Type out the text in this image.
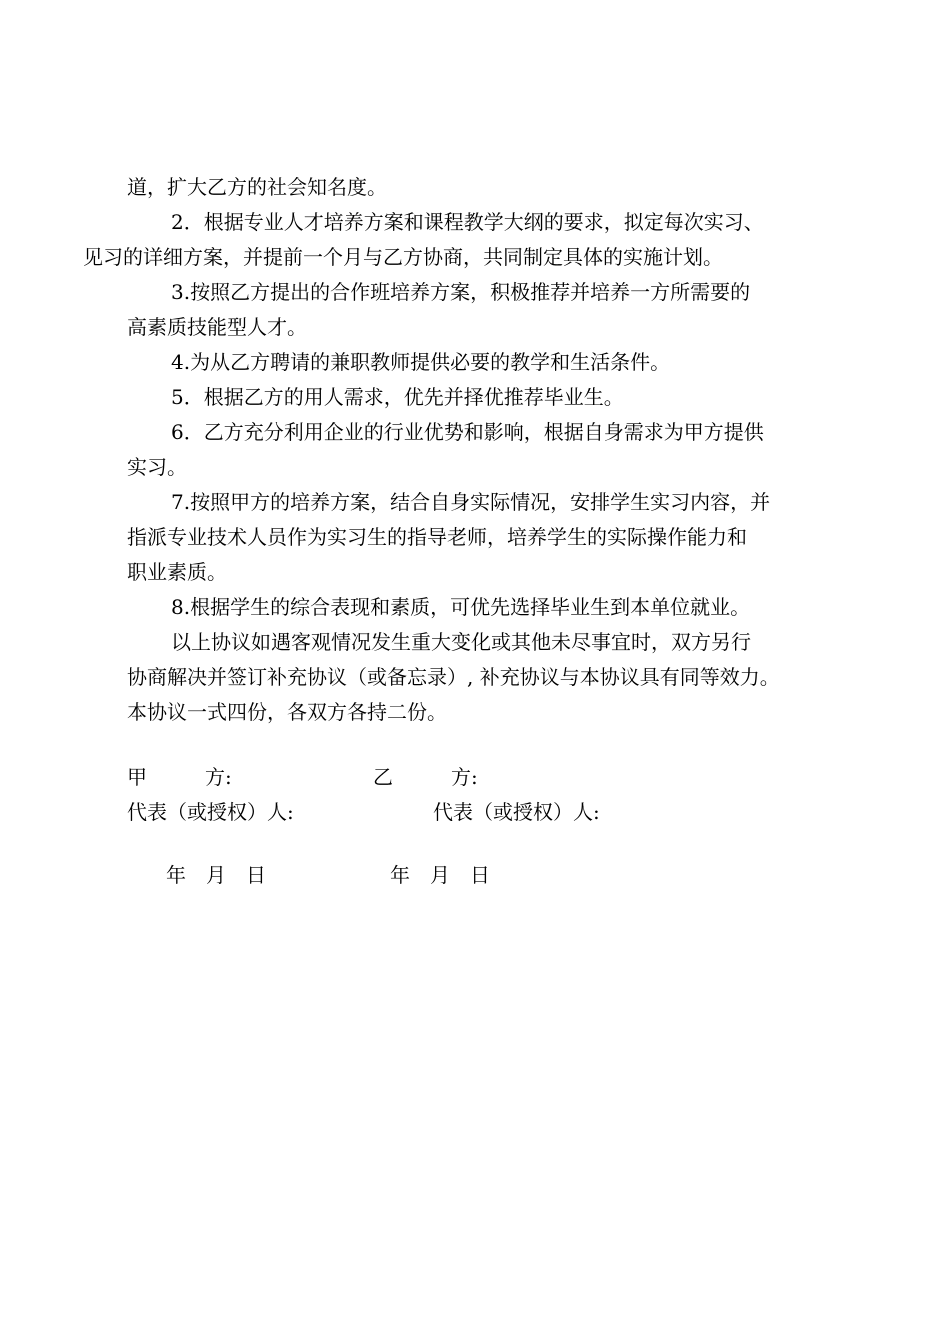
道，扩大乙方的社会知名度。

2．根据专业人才培养方案和课程教学大纲的要求，拟定每次实习、
见习的详细方案，并提前一个月与乙方协商，共同制定具体的实施计划。

3.按照乙方提出的合作班培养方案，积极推荐并培养一方所需要的
高素质技能型人才。

4.为从乙方聘请的兼职教师提供必要的教学和生活条件。

5．根据乙方的用人需求，优先并择优推荐毕业生。

6．乙方充分利用企业的行业优势和影响，根据自身需求为甲方提供
实习。

7.按照甲方的培养方案，结合自身实际情况，安排学生实习内容，并
指派专业技术人员作为实习生的指导老师，培养学生的实际操作能力和
职业素质。

8.根据学生的综合表现和素质，可优先选择毕业生到本单位就业。

以上协议如遇客观情况发生重大变化或其他未尽事宜时，双方另行
协商解决并签订补充协议（或备忘录）, 补充协议与本协议具有同等效力。
本协议一式四份，各双方各持二份。

甲	方:	乙	方:
代表（或授权）人:	代表（或授权）人:
年 月 日	年 月 日
